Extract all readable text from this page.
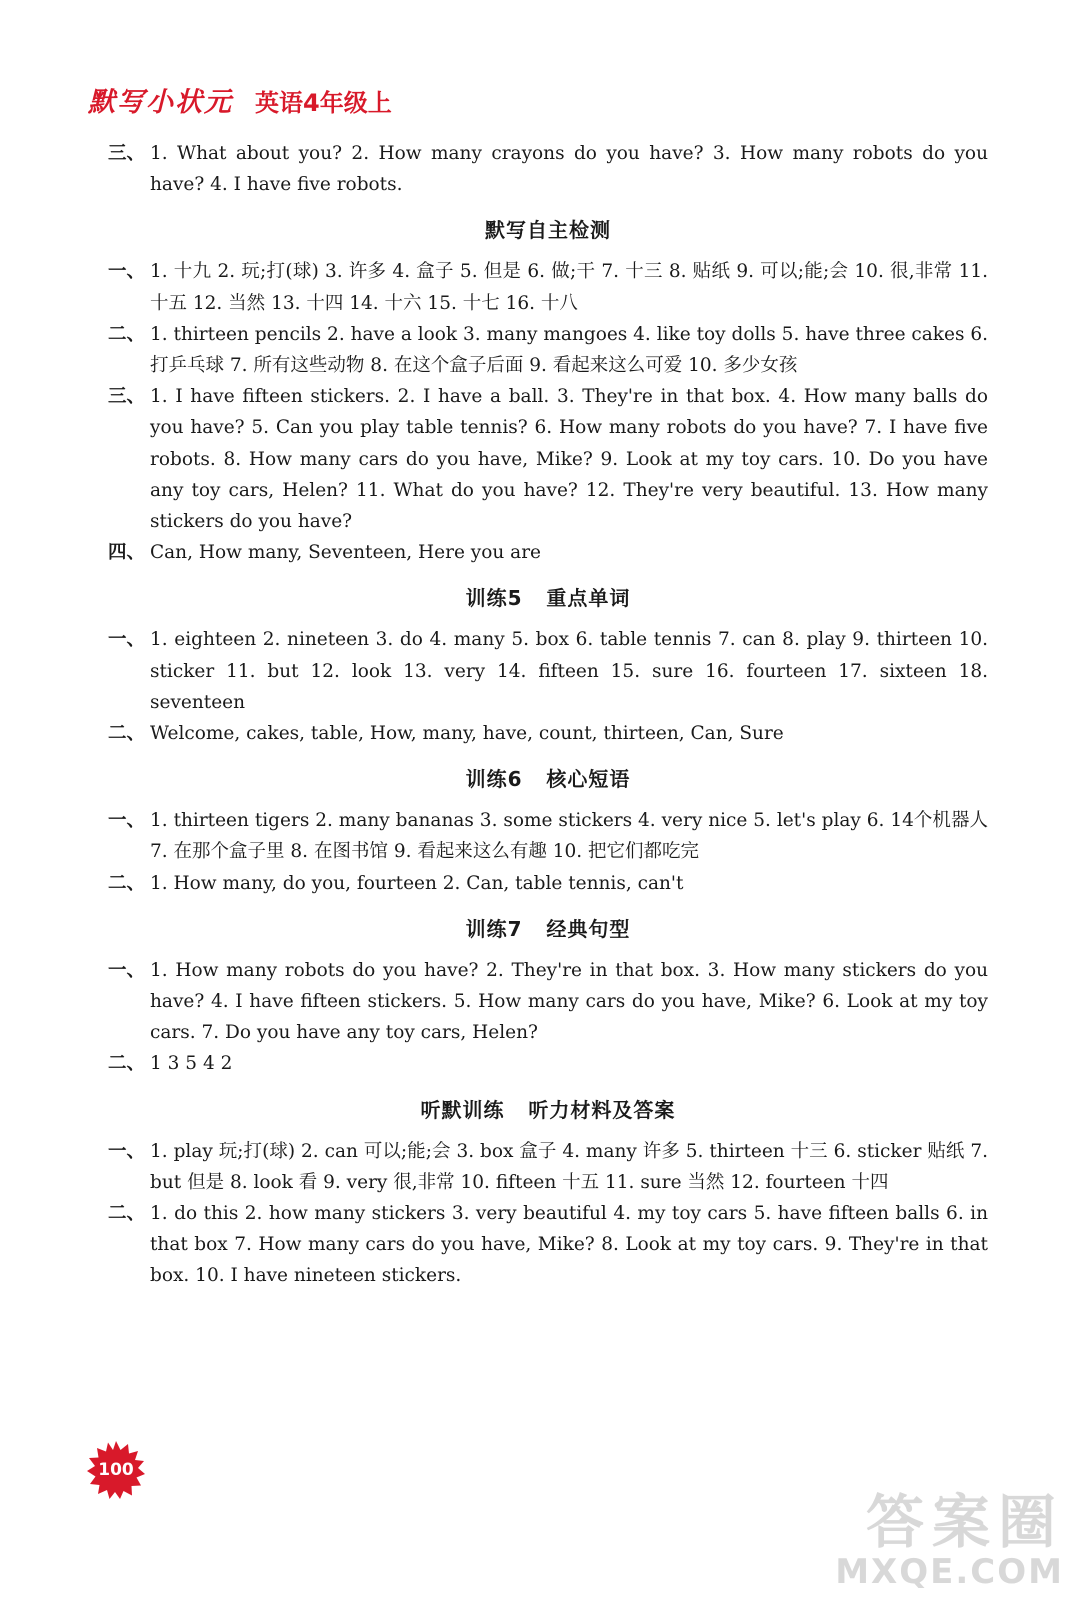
默写小状元 英语4年级上
三、 1. What about you? 2. How many crayons do you have? 3. How many robots do you have? 4. I have five robots.
默写自主检测
一、 1. 十九 2. 玩;打(球) 3. 许多 4. 盒子 5. 但是 6. 做;干 7. 十三 8. 贴纸 9. 可以;能;会 10. 很,非常 11. 十五 12. 当然 13. 十四 14. 十六 15. 十七 16. 十八
二、 1. thirteen pencils 2. have a look 3. many mangoes 4. like toy dolls 5. have three cakes 6. 打乒乓球 7. 所有这些动物 8. 在这个盒子后面 9. 看起来这么可爱 10. 多少女孩
三、 1. I have fifteen stickers. 2. I have a ball. 3. They're in that box. 4. How many balls do you have? 5. Can you play table tennis? 6. How many robots do you have? 7. I have five robots. 8. How many cars do you have, Mike? 9. Look at my toy cars. 10. Do you have any toy cars, Helen? 11. What do you have? 12. They're very beautiful. 13. How many stickers do you have?
四、 Can, How many, Seventeen, Here you are
训练5   重点单词
一、 1. eighteen 2. nineteen 3. do 4. many 5. box 6. table tennis 7. can 8. play 9. thirteen 10. sticker 11. but 12. look 13. very 14. fifteen 15. sure 16. fourteen 17. sixteen 18. seventeen
二、 Welcome, cakes, table, How, many, have, count, thirteen, Can, Sure
训练6   核心短语
一、 1. thirteen tigers 2. many bananas 3. some stickers 4. very nice 5. let's play 6. 14个机器人 7. 在那个盒子里 8. 在图书馆 9. 看起来这么有趣 10. 把它们都吃完
二、 1. How many, do you, fourteen 2. Can, table tennis, can't
训练7   经典句型
一、 1. How many robots do you have? 2. They're in that box. 3. How many stickers do you have? 4. I have fifteen stickers. 5. How many cars do you have, Mike? 6. Look at my toy cars. 7. Do you have any toy cars, Helen?
二、 1 3 5 4 2
听默训练   听力材料及答案
一、 1. play 玩;打(球) 2. can 可以;能;会 3. box 盒子 4. many 许多 5. thirteen 十三 6. sticker 贴纸 7. but 但是 8. look 看 9. very 很,非常 10. fifteen 十五 11. sure 当然 12. fourteen 十四
二、 1. do this 2. how many stickers 3. very beautiful 4. my toy cars 5. have fifteen balls 6. in that box 7. How many cars do you have, Mike? 8. Look at my toy cars. 9. They're in that box. 10. I have nineteen stickers.
100
答案圈
MXQE.COM
